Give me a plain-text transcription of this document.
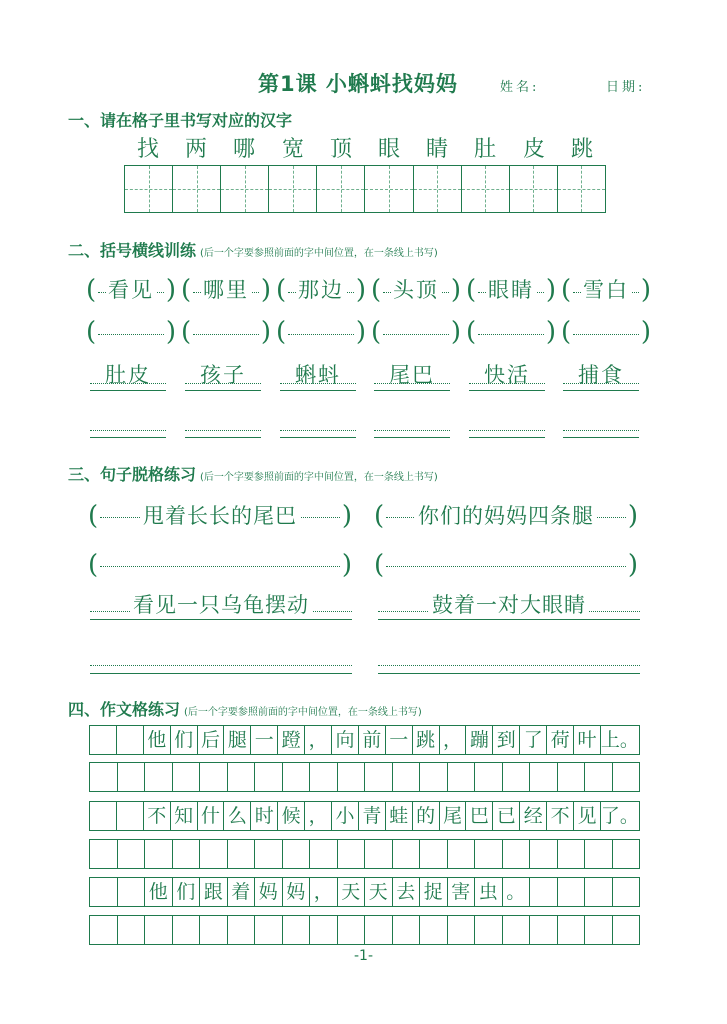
第1课 小蝌蚪找妈妈	姓名:	日期:
一、请在格子里书写对应的汉字
找	两	哪	宽	顶	眼	睛	肚	皮	跳
二、括号横线训练 (后一个字要参照前面的字中间位置，在一条线上书写)
( 看见 ) ( 哪里 ) ( 那边 ) ( 头顶 ) ( 眼睛 ) ( 雪白 )
(	) (	) (	) (	) (	) (	)
肚皮	孩子	蝌蚪	尾巴	快活	捕食
三、句子脱格练习 (后一个字要参照前面的字中间位置，在一条线上书写)
(	甩着长长的尾巴	) (	你们的妈妈四条腿	)
(	) (	)
看见一只乌龟摆动	鼓着一对大眼睛
四、作文格练习 (后一个字要参照前面的字中间位置，在一条线上书写)
他 们 后 腿 一 蹬 ， 向 前 一 跳 ， 蹦 到 了 荷 叶 上。
不 知 什 么 时 候 ， 小 青 蛙 的 尾 巴 已 经 不 见 了。
他 们 跟 着 妈 妈 ， 天 天 去 捉 害 虫 。
-1-
